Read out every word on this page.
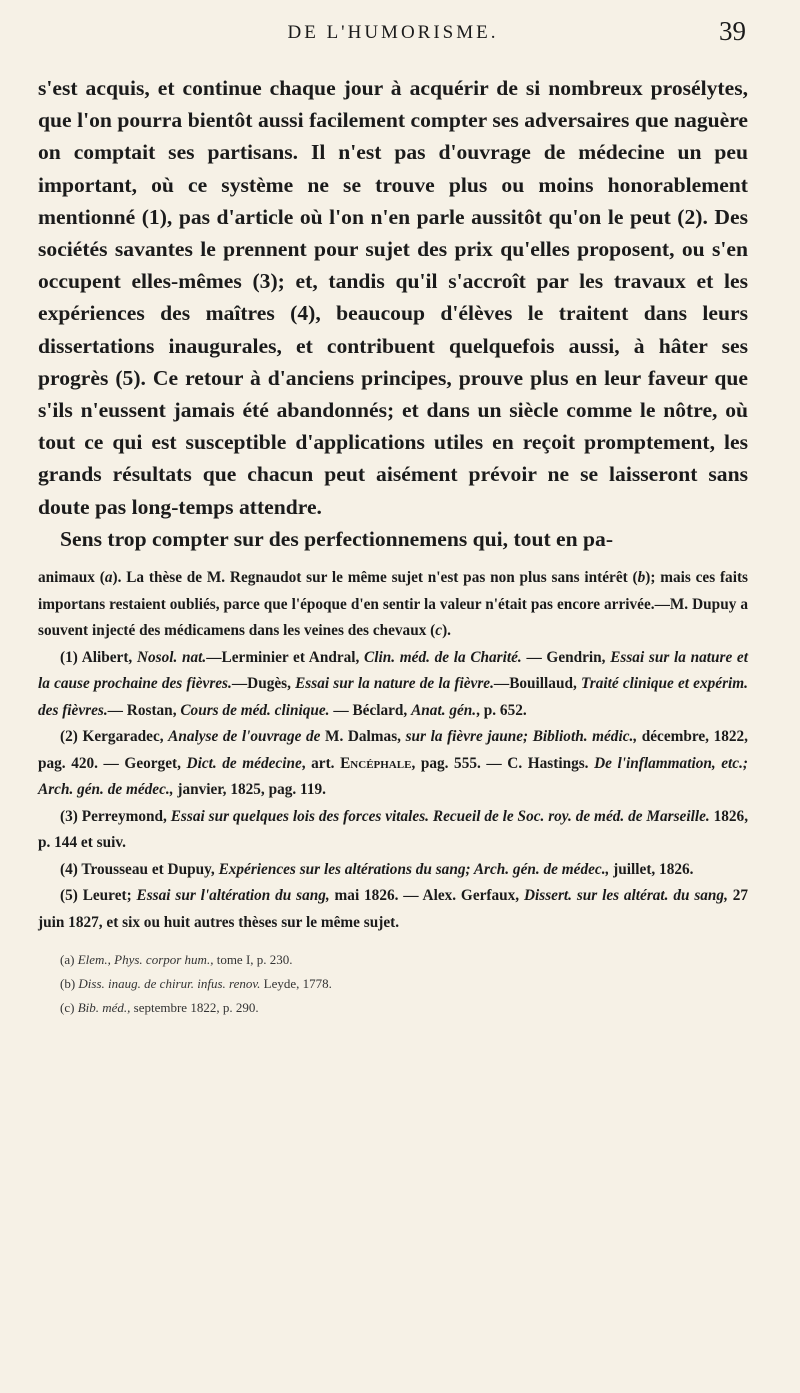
DE L'HUMORISME.	39

s'est acquis, et continue chaque jour à acquérir de si nombreux prosélytes, que l'on pourra bientôt aussi facilement compter ses adversaires que naguère on comptait ses partisans. Il n'est pas d'ouvrage de médecine un peu important, où ce système ne se trouve plus ou moins honorablement mentionné (1), pas d'article où l'on n'en parle aussitôt qu'on le peut (2). Des sociétés savantes le prennent pour sujet des prix qu'elles proposent, ou s'en occupent elles-mêmes (3); et, tandis qu'il s'accroît par les travaux et les expériences des maîtres (4), beaucoup d'élèves le traitent dans leurs dissertations inaugurales, et contribuent quelquefois aussi, à hâter ses progrès (5). Ce retour à d'anciens principes, prouve plus en leur faveur que s'ils n'eussent jamais été abandonnés; et dans un siècle comme le nôtre, où tout ce qui est susceptible d'applications utiles en reçoit promptement, les grands résultats que chacun peut aisément prévoir ne se laisseront sans doute pas long-temps attendre.

Sens trop compter sur des perfectionnemens qui, tout en pa-

animaux (a). La thèse de M. Regnaudot sur le même sujet n'est pas non plus sans intérêt (b); mais ces faits importans restaient oubliés, parce que l'époque d'en sentir la valeur n'était pas encore arrivée.—M. Dupuy a souvent injecté des médicamens dans les veines des chevaux (c).

(1) Alibert, Nosol. nat.—Lerminier et Andral, Clin. méd. de la Charité. — Gendrin, Essai sur la nature et la cause prochaine des fièvres.—Dugès, Essai sur la nature de la fièvre.—Bouillaud, Traité clinique et expérim. des fièvres.— Rostan, Cours de méd. clinique. — Béclard, Anat. gén., p. 652.

(2) Kergaradec, Analyse de l'ouvrage de M. Dalmas, sur la fièvre jaune; Biblioth. médic., décembre, 1822, pag. 420. — Georget, Dict. de médecine, art. Encéphale, pag. 555. — C. Hastings. De l'inflammation, etc.; Arch. gén. de médec., janvier, 1825, pag. 119.

(3) Perreymond, Essai sur quelques lois des forces vitales. Recueil de le Soc. roy. de méd. de Marseille. 1826, p. 144 et suiv.

(4) Trousseau et Dupuy, Expériences sur les altérations du sang; Arch. gén. de médec., juillet, 1826.

(5) Leuret; Essai sur l'altération du sang, mai 1826. — Alex. Gerfaux, Dissert. sur les altérat. du sang, 27 juin 1827, et six ou huit autres thèses sur le même sujet.

(a) Elem., Phys. corpor hum., tome I, p. 230.

(b) Diss. inaug. de chirur. infus. renov. Leyde, 1778.

(c) Bib. méd., septembre 1822, p. 290.
